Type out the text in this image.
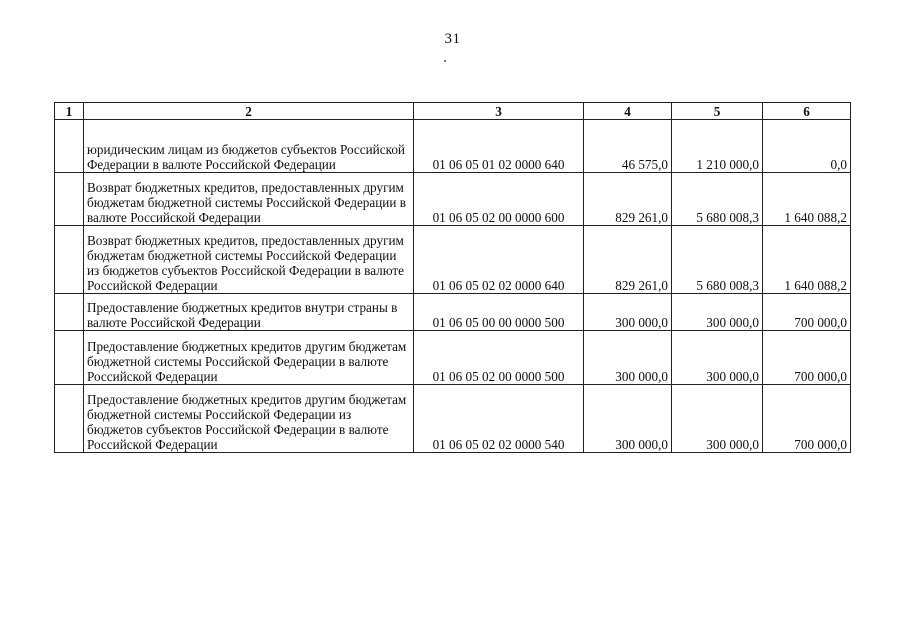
31
1	2	3	4	5	6
	юридическим лицам из бюджетов субъектов Российской Федерации в валюте Российской Федерации	01 06 05 01 02 0000 640	46 575,0	1 210 000,0	0,0
	Возврат бюджетных кредитов, предоставленных другим бюджетам бюджетной системы Российской Федерации в валюте Российской Федерации	01 06 05 02 00 0000 600	829 261,0	5 680 008,3	1 640 088,2
	Возврат бюджетных кредитов, предоставленных другим бюджетам бюджетной системы Российской Федерации из бюджетов субъектов Российской Федерации в валюте Российской Федерации	01 06 05 02 02 0000 640	829 261,0	5 680 008,3	1 640 088,2
	Предоставление бюджетных кредитов внутри страны в валюте Российской Федерации	01 06 05 00 00 0000 500	300 000,0	300 000,0	700 000,0
	Предоставление бюджетных кредитов другим бюджетам бюджетной системы Российской Федерации в валюте Российской Федерации	01 06 05 02 00 0000 500	300 000,0	300 000,0	700 000,0
	Предоставление бюджетных кредитов другим бюджетам бюджетной системы Российской Федерации из бюджетов субъектов Российской Федерации в валюте Российской Федерации	01 06 05 02 02 0000 540	300 000,0	300 000,0	700 000,0
